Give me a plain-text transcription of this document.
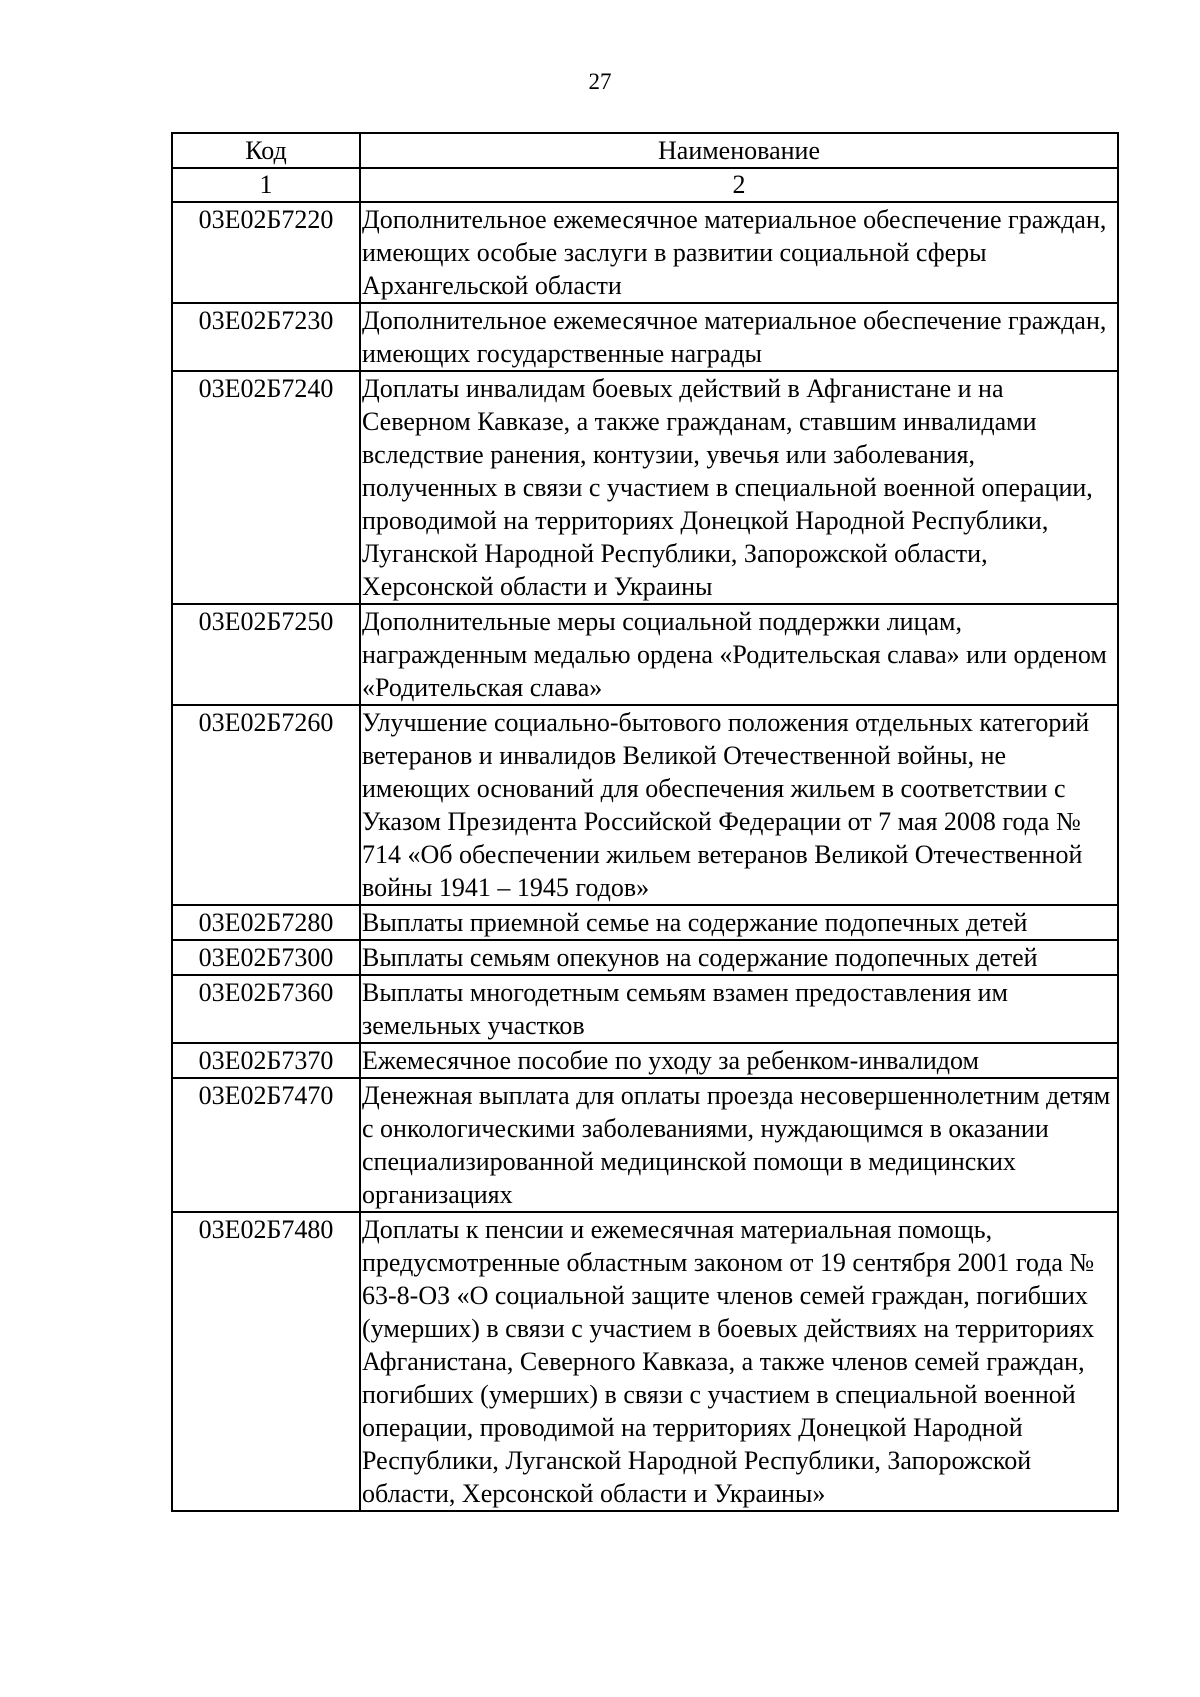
27
Код	Наименование
1	2
03Е02Б7220	Дополнительное ежемесячное материальное обеспечение граждан, имеющих особые заслуги в развитии социальной сферы Архангельской области
03Е02Б7230	Дополнительное ежемесячное материальное обеспечение граждан, имеющих государственные награды
03Е02Б7240	Доплаты инвалидам боевых действий в Афганистане и на Северном Кавказе, а также гражданам, ставшим инвалидами вследствие ранения, контузии, увечья или заболевания, полученных в связи с участием в специальной военной операции, проводимой на территориях Донецкой Народной Республики, Луганской Народной Республики, Запорожской области, Херсонской области и Украины
03Е02Б7250	Дополнительные меры социальной поддержки лицам, награжденным медалью ордена «Родительская слава» или орденом «Родительская слава»
03Е02Б7260	Улучшение социально-бытового положения отдельных категорий ветеранов и инвалидов Великой Отечественной войны, не имеющих оснований для обеспечения жильем в соответствии с Указом Президента Российской Федерации от 7 мая 2008 года № 714 «Об обеспечении жильем ветеранов Великой Отечественной войны 1941 – 1945 годов»
03Е02Б7280	Выплаты приемной семье на содержание подопечных детей
03Е02Б7300	Выплаты семьям опекунов на содержание подопечных детей
03Е02Б7360	Выплаты многодетным семьям взамен предоставления им земельных участков
03Е02Б7370	Ежемесячное пособие по уходу за ребенком-инвалидом
03Е02Б7470	Денежная выплата для оплаты проезда несовершеннолетним детям с онкологическими заболеваниями, нуждающимся в оказании специализированной медицинской помощи в медицинских организациях
03Е02Б7480	Доплаты к пенсии и ежемесячная материальная помощь, предусмотренные областным законом от 19 сентября 2001 года № 63-8-ОЗ «О социальной защите членов семей граждан, погибших (умерших) в связи с участием в боевых действиях на территориях Афганистана, Северного Кавказа, а также членов семей граждан, погибших (умерших) в связи с участием в специальной военной операции, проводимой на территориях Донецкой Народной Республики, Луганской Народной Республики, Запорожской области, Херсонской области и Украины»
